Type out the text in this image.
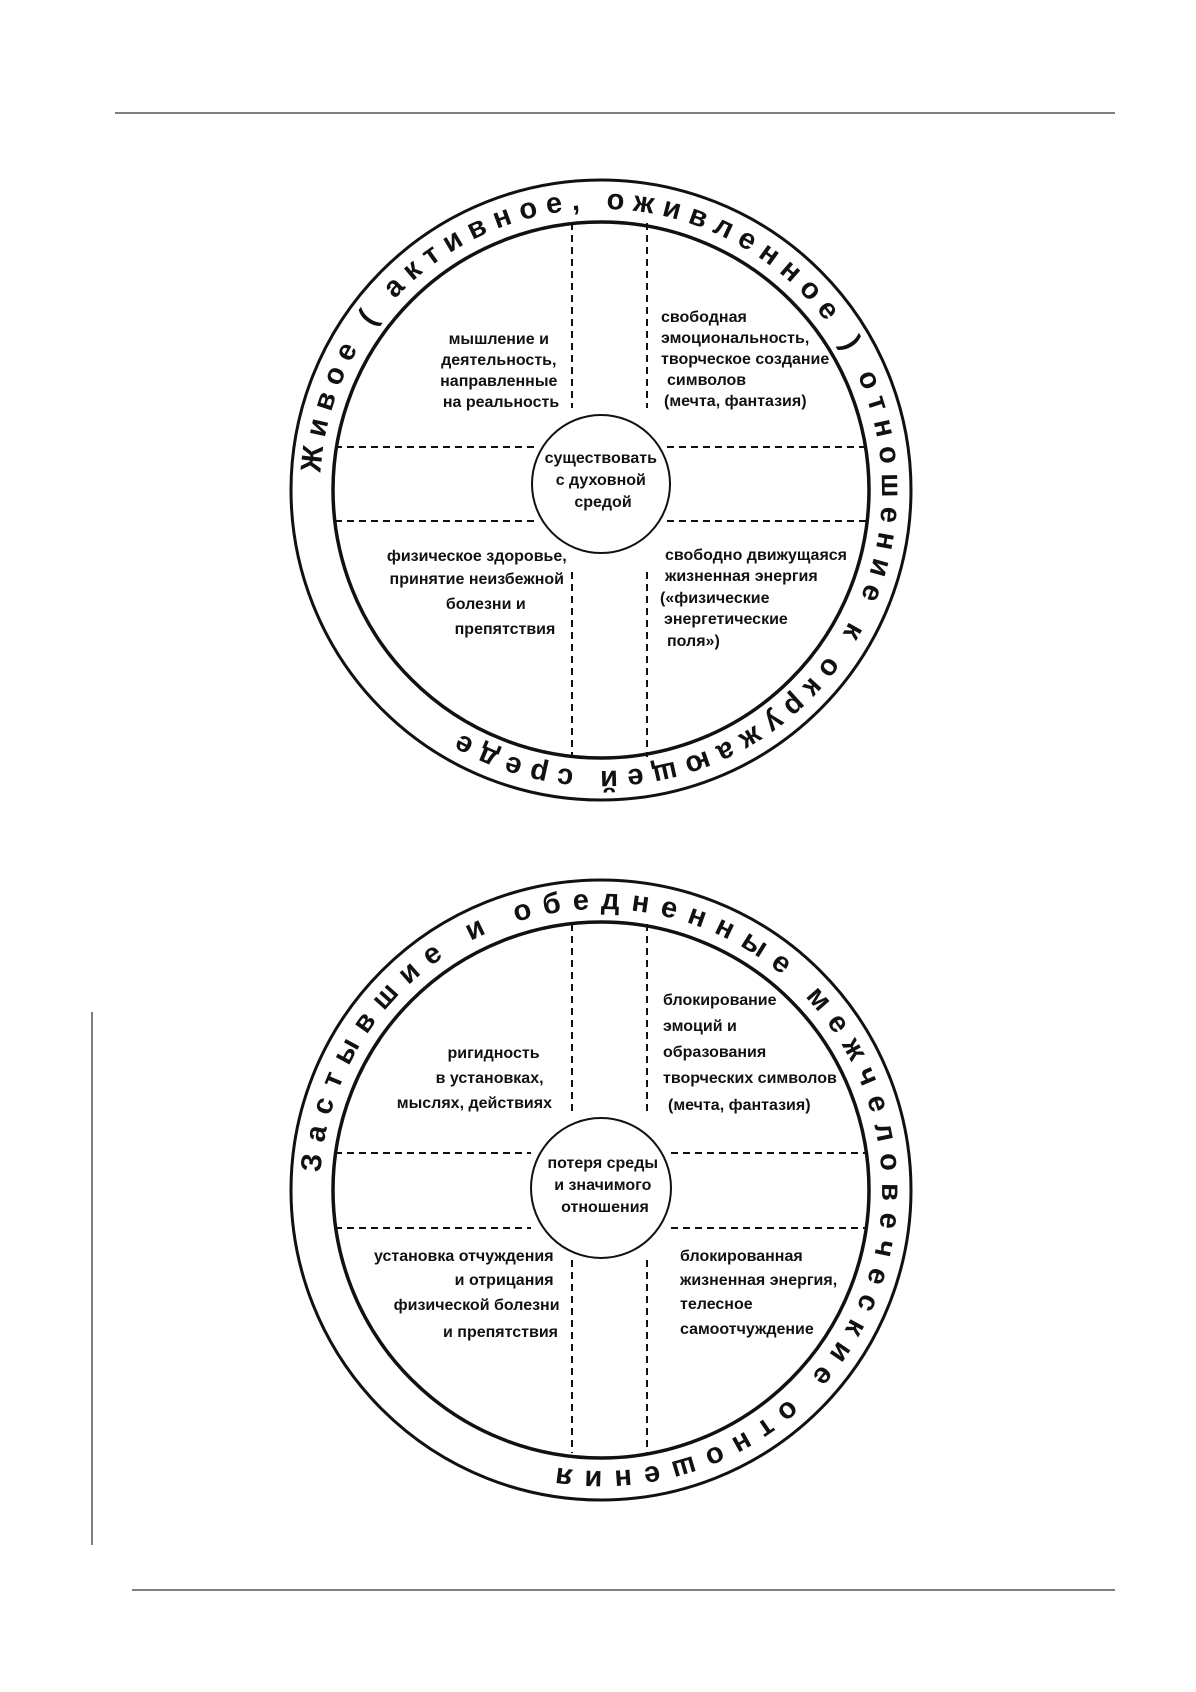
существовать с духовной средой
мышление и деятельность, направленные на реальность
свободная эмоциональность, творческое создание символов (мечта, фантазия)
физическое здоровье, принятие неизбежной болезни и препятствия
свободно движущаяся жизненная энергия («физические энергетические поля»)
Живое ( активное, оживленное ) отношение к окружающей среде
потеря среды и значимого отношения
ригидность в установках, мыслях, действиях
блокирование эмоций и образования творческих символов (мечта, фантазия)
установка отчуждения и отрицания физической болезни и препятствия
блокированная жизненная энергия, телесное самоотчуждение
Застывшие и обедненные межчеловеческие отношения
